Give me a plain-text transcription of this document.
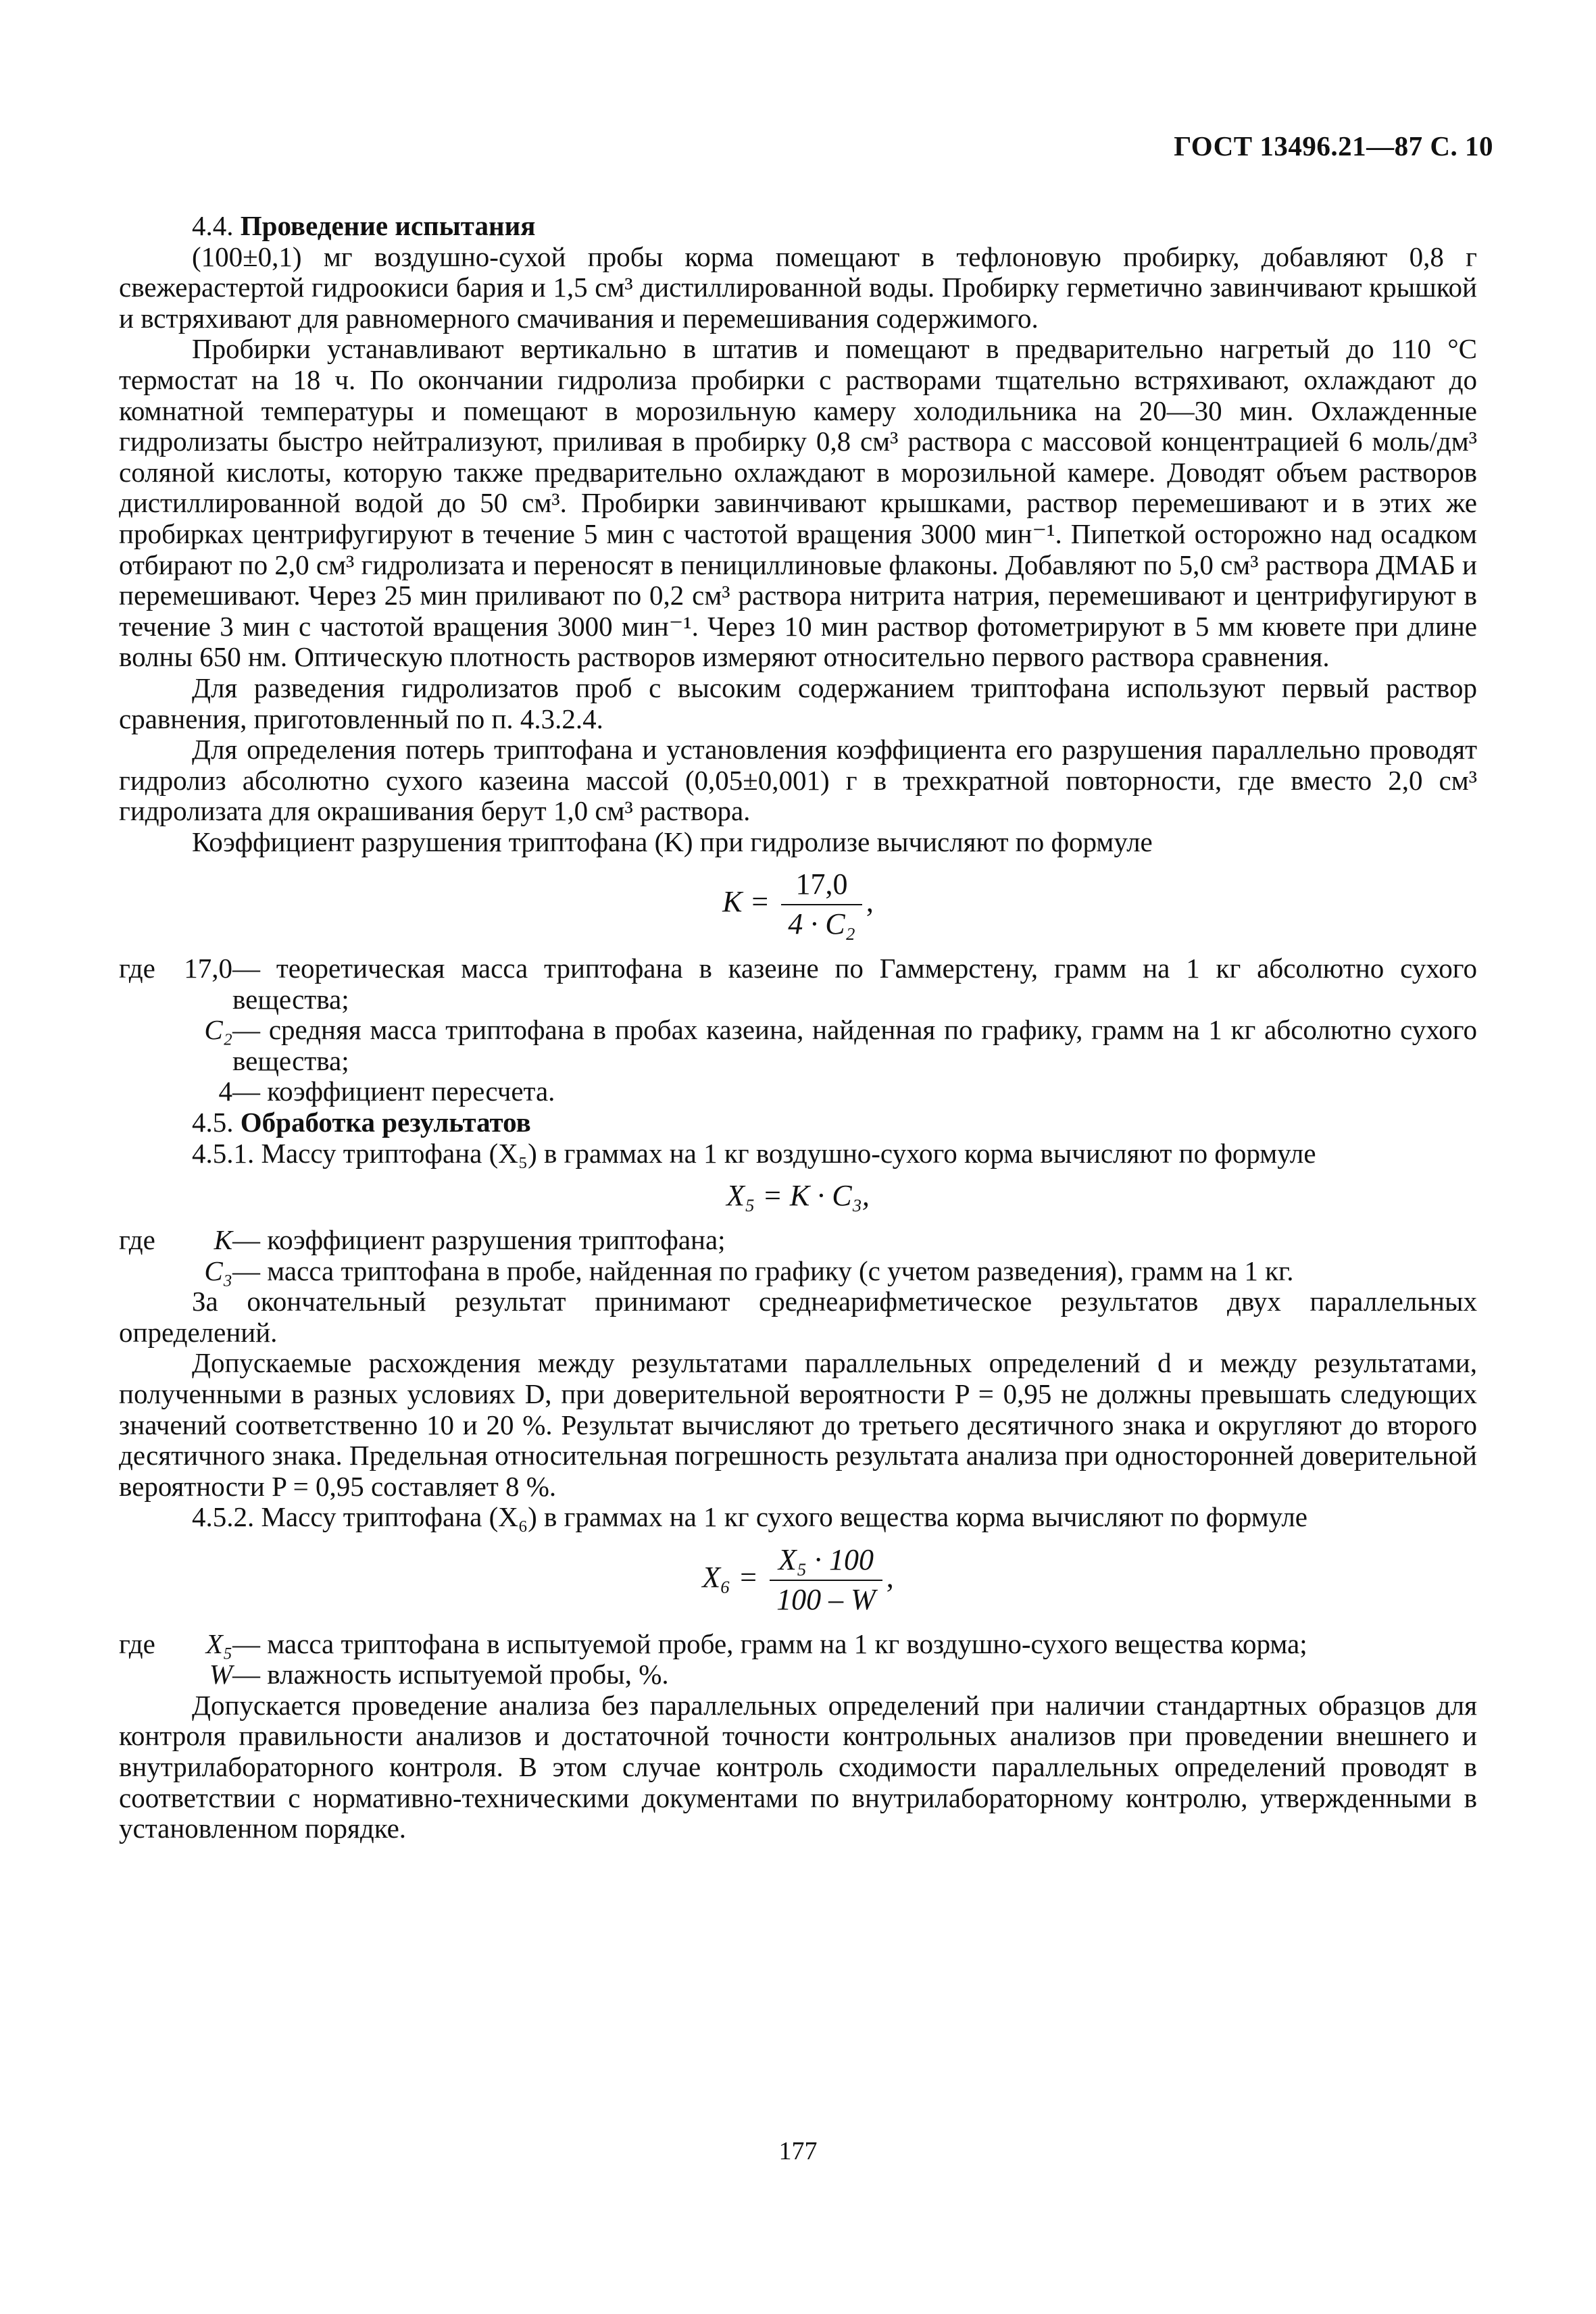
ГОСТ 13496.21—87 С. 10

4.4. Проведение испытания

(100±0,1) мг воздушно-сухой пробы корма помещают в тефлоновую пробирку, добавляют 0,8 г свежерастертой гидроокиси бария и 1,5 см³ дистиллированной воды. Пробирку герметично завинчивают крышкой и встряхивают для равномерного смачивания и перемешивания содержимого.

Пробирки устанавливают вертикально в штатив и помещают в предварительно нагретый до 110 °С термостат на 18 ч. По окончании гидролиза пробирки с растворами тщательно встряхивают, охлаждают до комнатной температуры и помещают в морозильную камеру холодильника на 20—30 мин. Охлажденные гидролизаты быстро нейтрализуют, приливая в пробирку 0,8 см³ раствора с массовой концентрацией 6 моль/дм³ соляной кислоты, которую также предварительно охлаждают в морозильной камере. Доводят объем растворов дистиллированной водой до 50 см³. Пробирки завинчивают крышками, раствор перемешивают и в этих же пробирках центрифугируют в течение 5 мин с частотой вращения 3000 мин⁻¹. Пипеткой осторожно над осадком отбирают по 2,0 см³ гидролизата и переносят в пенициллиновые флаконы. Добавляют по 5,0 см³ раствора ДМАБ и перемешивают. Через 25 мин приливают по 0,2 см³ раствора нитрита натрия, перемешивают и центрифугируют в течение 3 мин с частотой вращения 3000 мин⁻¹. Через 10 мин раствор фотометрируют в 5 мм кювете при длине волны 650 нм. Оптическую плотность растворов измеряют относительно первого раствора сравнения.

Для разведения гидролизатов проб с высоким содержанием триптофана используют первый раствор сравнения, приготовленный по п. 4.3.2.4.

Для определения потерь триптофана и установления коэффициента его разрушения параллельно проводят гидролиз абсолютно сухого казеина массой (0,05±0,001) г в трехкратной повторности, где вместо 2,0 см³ гидролизата для окрашивания берут 1,0 см³ раствора.

Коэффициент разрушения триптофана (K) при гидролизе вычисляют по формуле

$K = \frac{17,0}{\text{4 · C₂}}$ ,
где	17,0 — теоретическая масса триптофана в казеине по Гаммерстену, грамм на 1 кг абсолютно сухого вещества;
C₂ — средняя масса триптофана в пробах казеина, найденная по графику, грамм на 1 кг абсолютно сухого вещества;
4 — коэффициент пересчета.

4.5. Обработка результатов

4.5.1. Массу триптофана (X₅) в граммах на 1 кг воздушно-сухого корма вычисляют по формуле

X₅ = K · C₃,
где	K — коэффициент разрушения триптофана;
C₃ — масса триптофана в пробе, найденная по графику (с учетом разведения), грамм на 1 кг.

За окончательный результат принимают среднеарифметическое результатов двух параллельных определений.

Допускаемые расхождения между результатами параллельных определений d и между результатами, полученными в разных условиях D, при доверительной вероятности P = 0,95 не должны превышать следующих значений соответственно 10 и 20 %. Результат вычисляют до третьего десятичного знака и округляют до второго десятичного знака. Предельная относительная погрешность результата анализа при односторонней доверительной вероятности P = 0,95 составляет 8 %.

4.5.2. Массу триптофана (X₆) в граммах на 1 кг сухого вещества корма вычисляют по формуле

$X_6 = \frac{\text{X₅ · 100}}{100 - W}$ ,
где	X₅ — масса триптофана в испытуемой пробе, грамм на 1 кг воздушно-сухого вещества корма;
W — влажность испытуемой пробы, %.

Допускается проведение анализа без параллельных определений при наличии стандартных образцов для контроля правильности анализов и достаточной точности контрольных анализов при проведении внешнего и внутрилабораторного контроля. В этом случае контроль сходимости параллельных определений проводят в соответствии с нормативно-техническими документами по внутрилабораторному контролю, утвержденными в установленном порядке.

177
